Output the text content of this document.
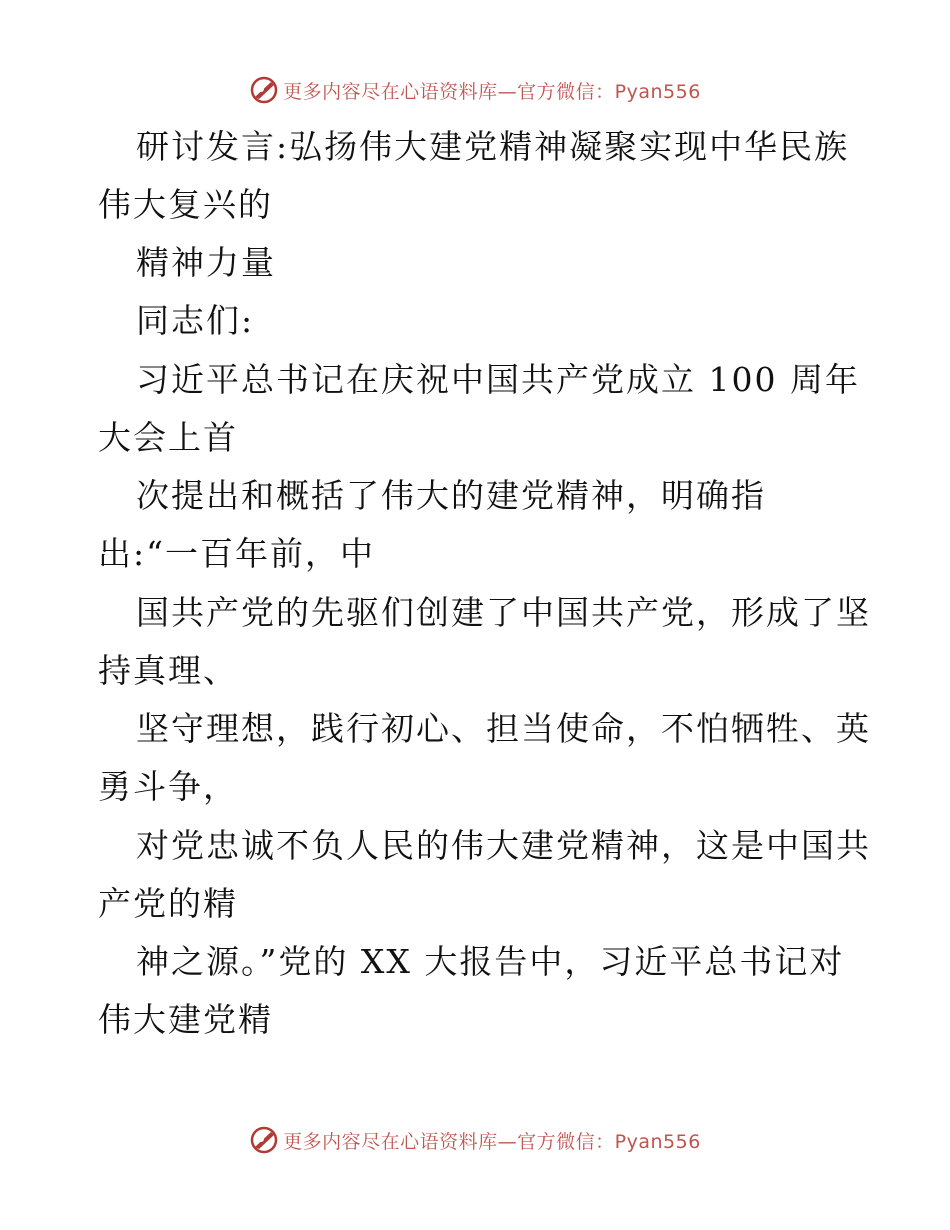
更多内容尽在心语资料库—官方微信：Pyan556
研讨发言:弘扬伟大建党精神凝聚实现中华民族
伟大复兴的
精神力量
同志们:
习近平总书记在庆祝中国共产党成立 100 周年
大会上首
次提出和概括了伟大的建党精神，明确指
出:“一百年前，中
国共产党的先驱们创建了中国共产党，形成了坚
持真理、
坚守理想，践行初心、担当使命，不怕牺牲、英
勇斗争，
对党忠诚不负人民的伟大建党精神，这是中国共
产党的精
神之源。”党的 XX 大报告中，习近平总书记对
伟大建党精
更多内容尽在心语资料库—官方微信：Pyan556
